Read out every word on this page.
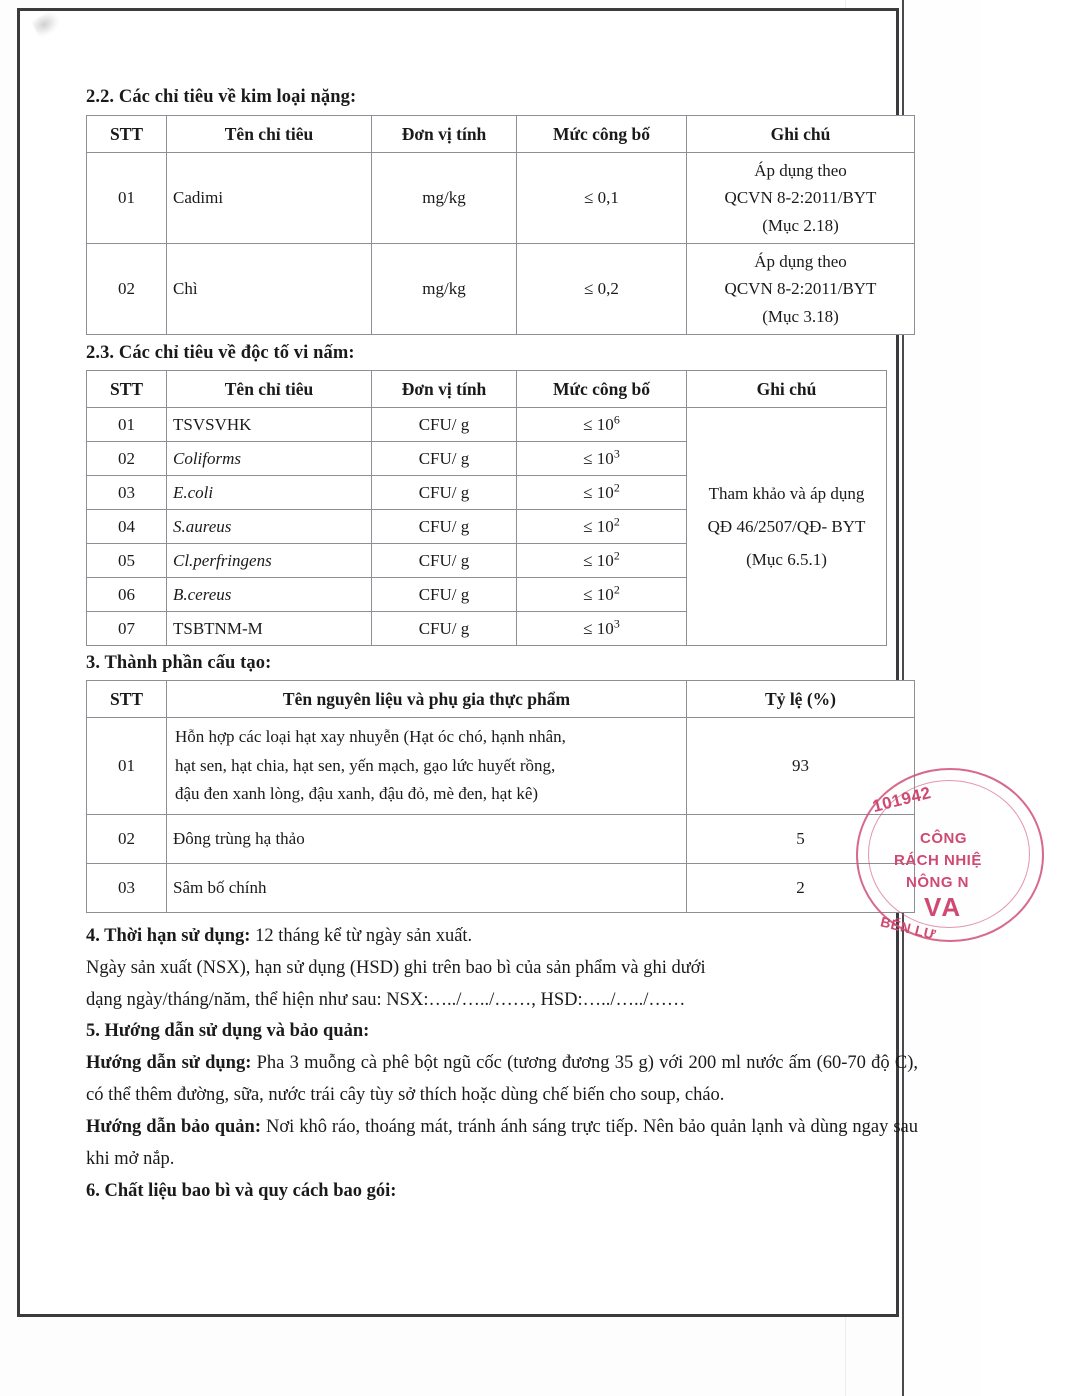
2.2. Các chỉ tiêu về kim loại nặng:
STT	Tên chỉ tiêu	Đơn vị tính	Mức công bố	Ghi chú
01	Cadimi	mg/kg	≤ 0,1	Áp dụng theo
QCVN 8-2:2011/BYT
(Mục 2.18)

02	Chì	mg/kg	≤ 0,2	Áp dụng theo
QCVN 8-2:2011/BYT
(Mục 3.18)
2.3. Các chỉ tiêu về độc tố vi nấm:
STT	Tên chỉ tiêu	Đơn vị tính	Mức công bố	Ghi chú
01	TSVSVHK	CFU/ g	≤ $10^6$	Tham khảo và áp dụng
QĐ 46/2507/QĐ- BYT
(Mục 6.5.1)

02	Coliforms	CFU/ g	≤ $10^3$
03	E.coli	CFU/ g	≤ $10^2$
04	S.aureus	CFU/ g	≤ $10^2$
05	Cl.perfringens	CFU/ g	≤ $10^2$
06	B.cereus	CFU/ g	≤ $10^2$
07	TSBTNM-M	CFU/ g	≤ $10^3$
3. Thành phần cấu tạo:
STT	Tên nguyên liệu và phụ gia thực phẩm	Tỷ lệ (%)
01	Hỗn hợp các loại hạt xay nhuyễn (Hạt óc chó, hạnh nhân,
hạt sen, hạt chia, hạt sen, yến mạch, gạo lức huyết rồng,
đậu đen xanh lòng, đậu xanh, đậu đỏ, mè đen, hạt kê)	93
02	Đông trùng hạ thảo	5
03	Sâm bố chính	2

4. Thời hạn sử dụng: 12 tháng kể từ ngày sản xuất.

Ngày sản xuất (NSX), hạn sử dụng (HSD) ghi trên bao bì của sản phẩm và ghi dưới

dạng ngày/tháng/năm, thể hiện như sau: NSX:…../…../……, HSD:…../…../……

5. Hướng dẫn sử dụng và bảo quản:

Hướng dẫn sử dụng: Pha 3 muỗng cà phê bột ngũ cốc (tương đương 35 g) với 200 ml nước ấm (60-70 độ C), có thể thêm đường, sữa, nước trái cây tùy sở thích hoặc dùng chế biến cho soup, cháo.

Hướng dẫn bảo quản: Nơi khô ráo, thoáng mát, tránh ánh sáng trực tiếp. Nên bảo quản lạnh và dùng ngay sau khi mở nắp.

6. Chất liệu bao bì và quy cách bao gói:

101942
CÔNG
RÁCH NHIỆ
NÔNG N
VA
BẾN LƯ
